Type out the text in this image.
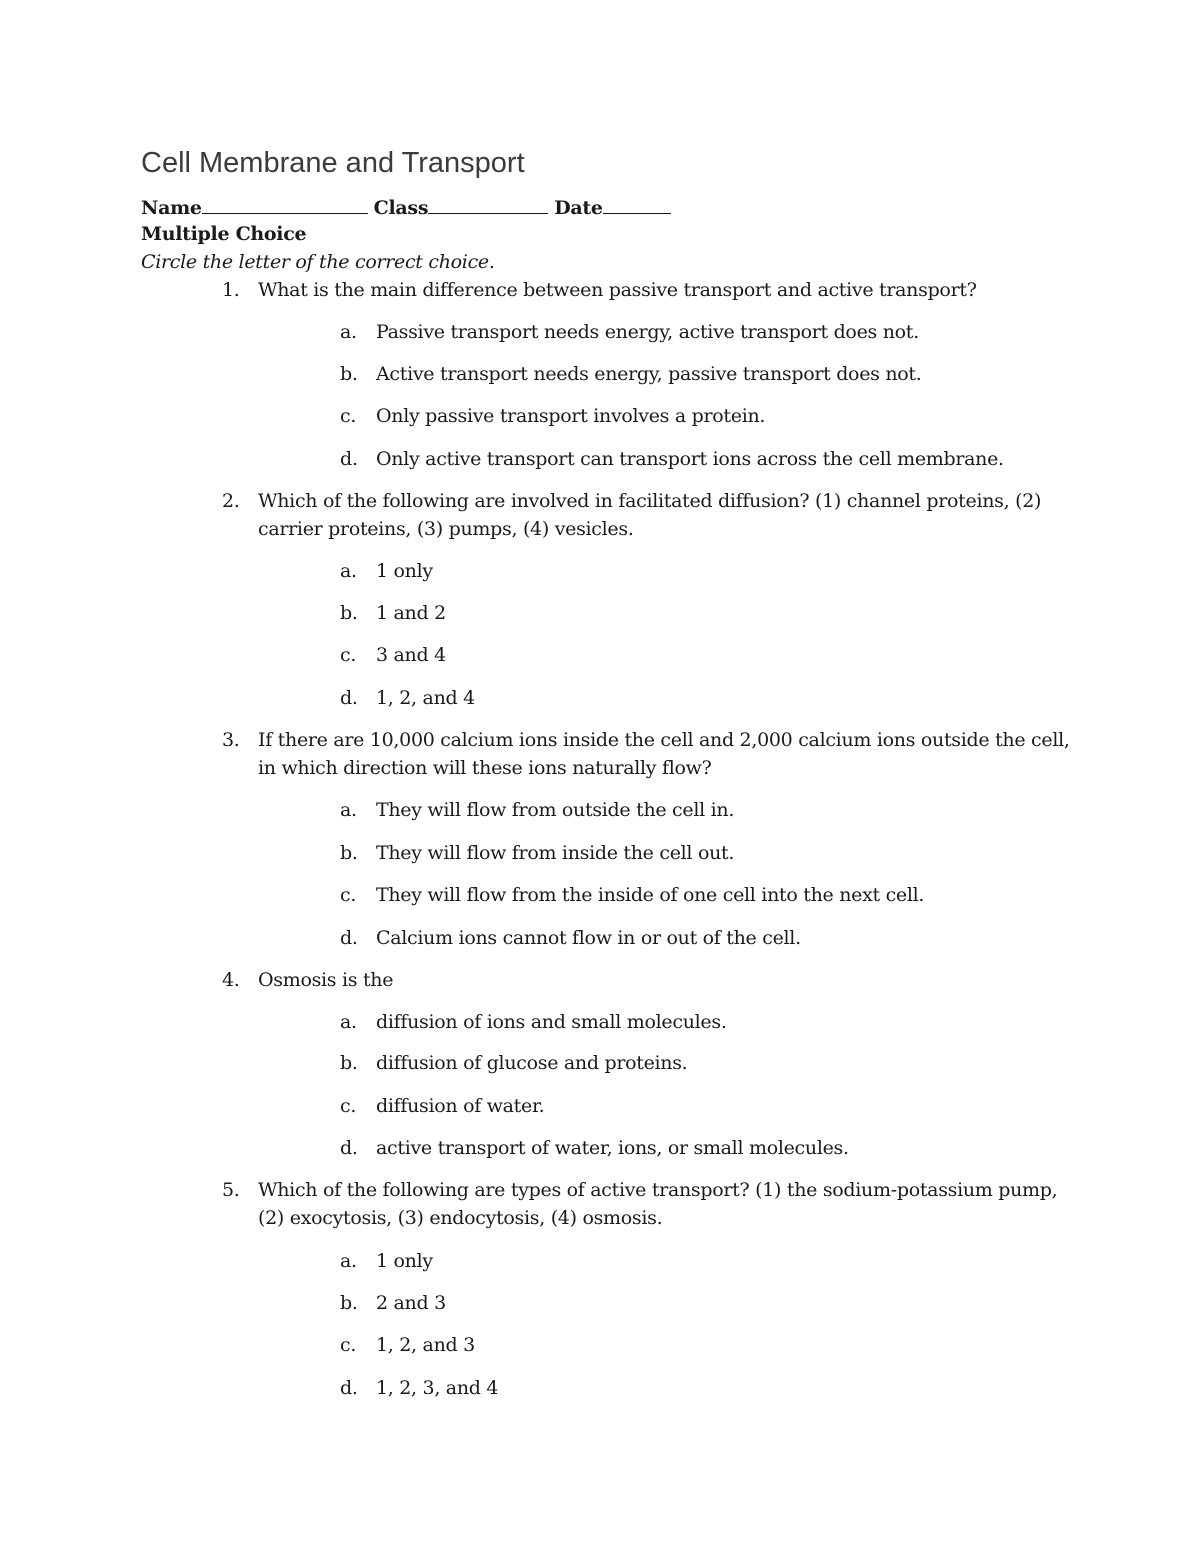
Cell Membrane and Transport
Name	Class	Date
Multiple Choice
Circle the letter of the correct choice.
1. What is the main difference between passive transport and active transport?
a. Passive transport needs energy, active transport does not.
b. Active transport needs energy, passive transport does not.
c. Only passive transport involves a protein.
d. Only active transport can transport ions across the cell membrane.
2. Which of the following are involved in facilitated diffusion? (1) channel proteins, (2) carrier proteins, (3) pumps, (4) vesicles.
a. 1 only
b. 1 and 2
c. 3 and 4
d. 1, 2, and 4
3. If there are 10,000 calcium ions inside the cell and 2,000 calcium ions outside the cell, in which direction will these ions naturally flow?
a. They will flow from outside the cell in.
b. They will flow from inside the cell out.
c. They will flow from the inside of one cell into the next cell.
d. Calcium ions cannot flow in or out of the cell.
4. Osmosis is the
a. diffusion of ions and small molecules.
b. diffusion of glucose and proteins.
c. diffusion of water.
d. active transport of water, ions, or small molecules.
5. Which of the following are types of active transport? (1) the sodium-potassium pump, (2) exocytosis, (3) endocytosis, (4) osmosis.
a. 1 only
b. 2 and 3
c. 1, 2, and 3
d. 1, 2, 3, and 4
